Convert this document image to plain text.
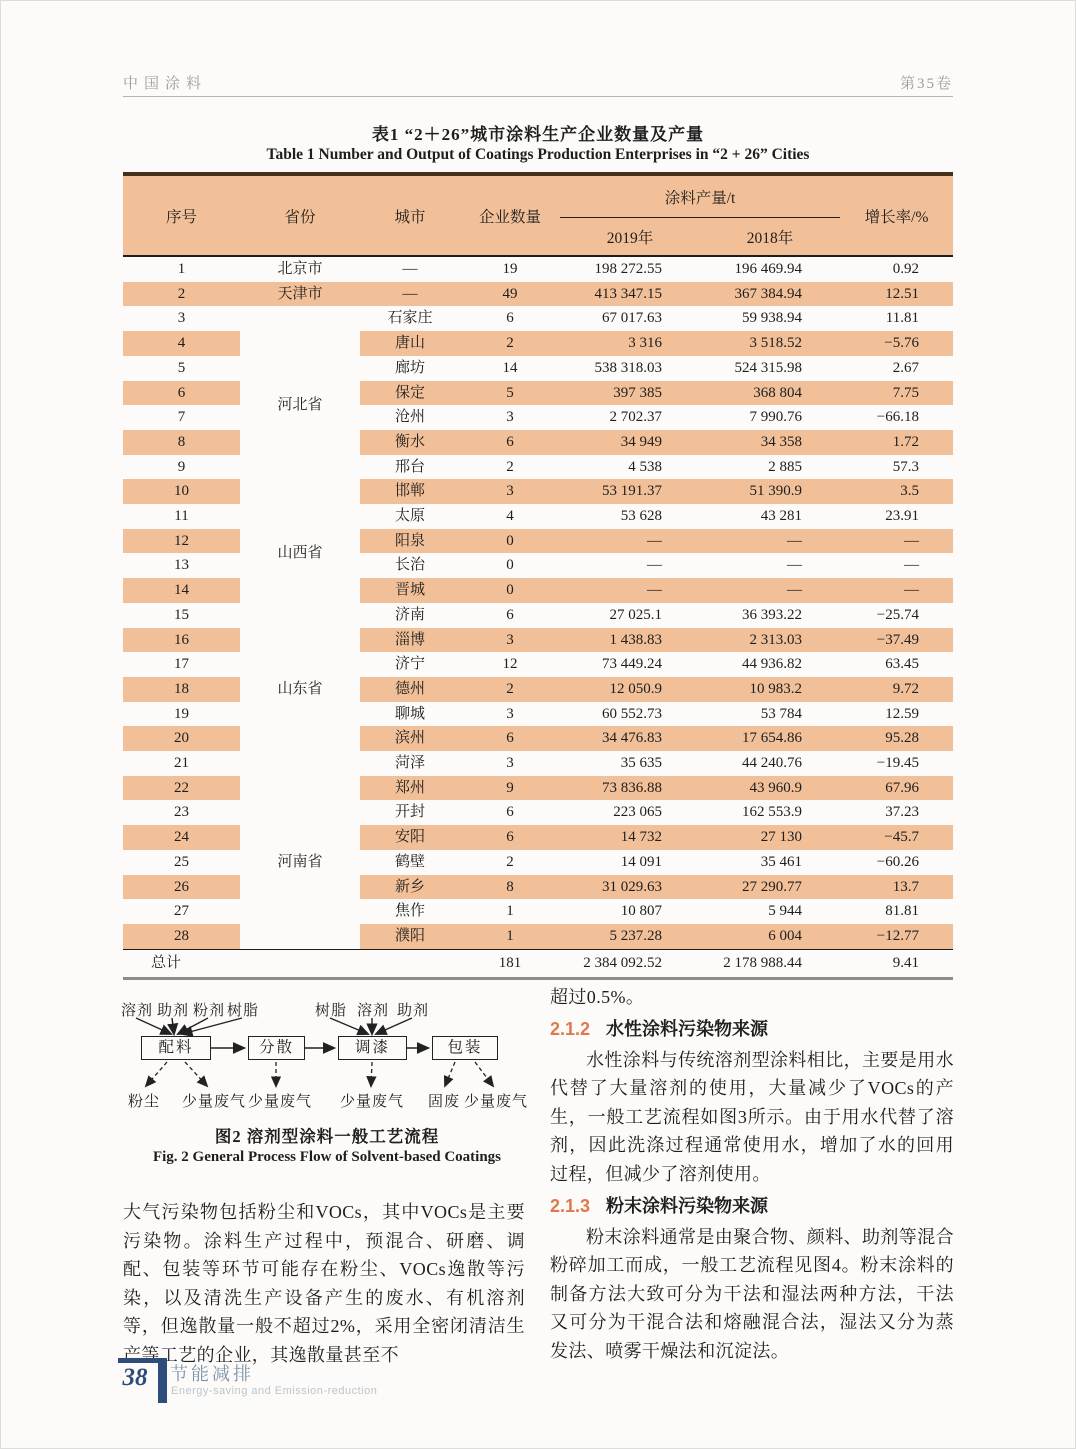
中国涂料	第35卷
表1 “2＋26”城市涂料生产企业数量及产量
Table 1 Number and Output of Coatings Production Enterprises in “2 + 26” Cities
序号	省份	城市	企业数量	涂料产量/t		增长率/%
				2019年	2018年	
1	北京市	—	19	198 272.55	196 469.94	0.92
2	天津市	—	49	413 347.15	367 384.94	12.51
3	河北省	石家庄	6	67 017.63	59 938.94	11.81
4		唐山	2	3 316	3 518.52	−5.76
5		廊坊	14	538 318.03	524 315.98	2.67
6		保定	5	397 385	368 804	7.75
7		沧州	3	2 702.37	7 990.76	−66.18
8		衡水	6	34 949	34 358	1.72
9		邢台	2	4 538	2 885	57.3
10		邯郸	3	53 191.37	51 390.9	3.5
11	山西省	太原	4	53 628	43 281	23.91
12		阳泉	0	—	—	—
13		长治	0	—	—	—
14		晋城	0	—	—	—
15	山东省	济南	6	27 025.1	36 393.22	−25.74
16		淄博	3	1 438.83	2 313.03	−37.49
17		济宁	12	73 449.24	44 936.82	63.45
18		德州	2	12 050.9	10 983.2	9.72
19		聊城	3	60 552.73	53 784	12.59
20		滨州	6	34 476.83	17 654.86	95.28
21		菏泽	3	35 635	44 240.76	−19.45
22	河南省	郑州	9	73 836.88	43 960.9	67.96
23		开封	6	223 065	162 553.9	37.23
24		安阳	6	14 732	27 130	−45.7
25		鹤壁	2	14 091	35 461	−60.26
26		新乡	8	31 029.63	27 290.77	13.7
27		焦作	1	10 807	5 944	81.81
28		濮阳	1	5 237.28	6 004	−12.77
总计			181	2 384 092.52	2 178 988.44	9.41
溶剂 助剂 粉剂 树脂	树脂 溶剂 助剂
配料	分散	调漆	包装
粉尘 少量废气 少量废气 少量废气 固废 少量废气
图2 溶剂型涂料一般工艺流程
Fig. 2 General Process Flow of Solvent-based Coatings
大气污染物包括粉尘和VOCs，其中VOCs是主要污染物。涂料生产过程中，预混合、研磨、调配、包装等环节可能存在粉尘、VOCs逸散等污染，以及清洗生产设备产生的废水、有机溶剂等，但逸散量一般不超过2%，采用全密闭清洁生产等工艺的企业，其逸散量甚至不
超过0.5%。
2.1.2 水性涂料污染物来源
水性涂料与传统溶剂型涂料相比，主要是用水代替了大量溶剂的使用，大量减少了VOCs的产生，一般工艺流程如图3所示。由于用水代替了溶剂，因此洗涤过程通常使用水，增加了水的回用过程，但减少了溶剂使用。
2.1.3 粉末涂料污染物来源
粉末涂料通常是由聚合物、颜料、助剂等混合粉碎加工而成，一般工艺流程见图4。粉末涂料的制备方法大致可分为干法和湿法两种方法，干法又可分为干混合法和熔融混合法，湿法又分为蒸发法、喷雾干燥法和沉淀法。
38 节能减排
Energy-saving and Emission-reduction
